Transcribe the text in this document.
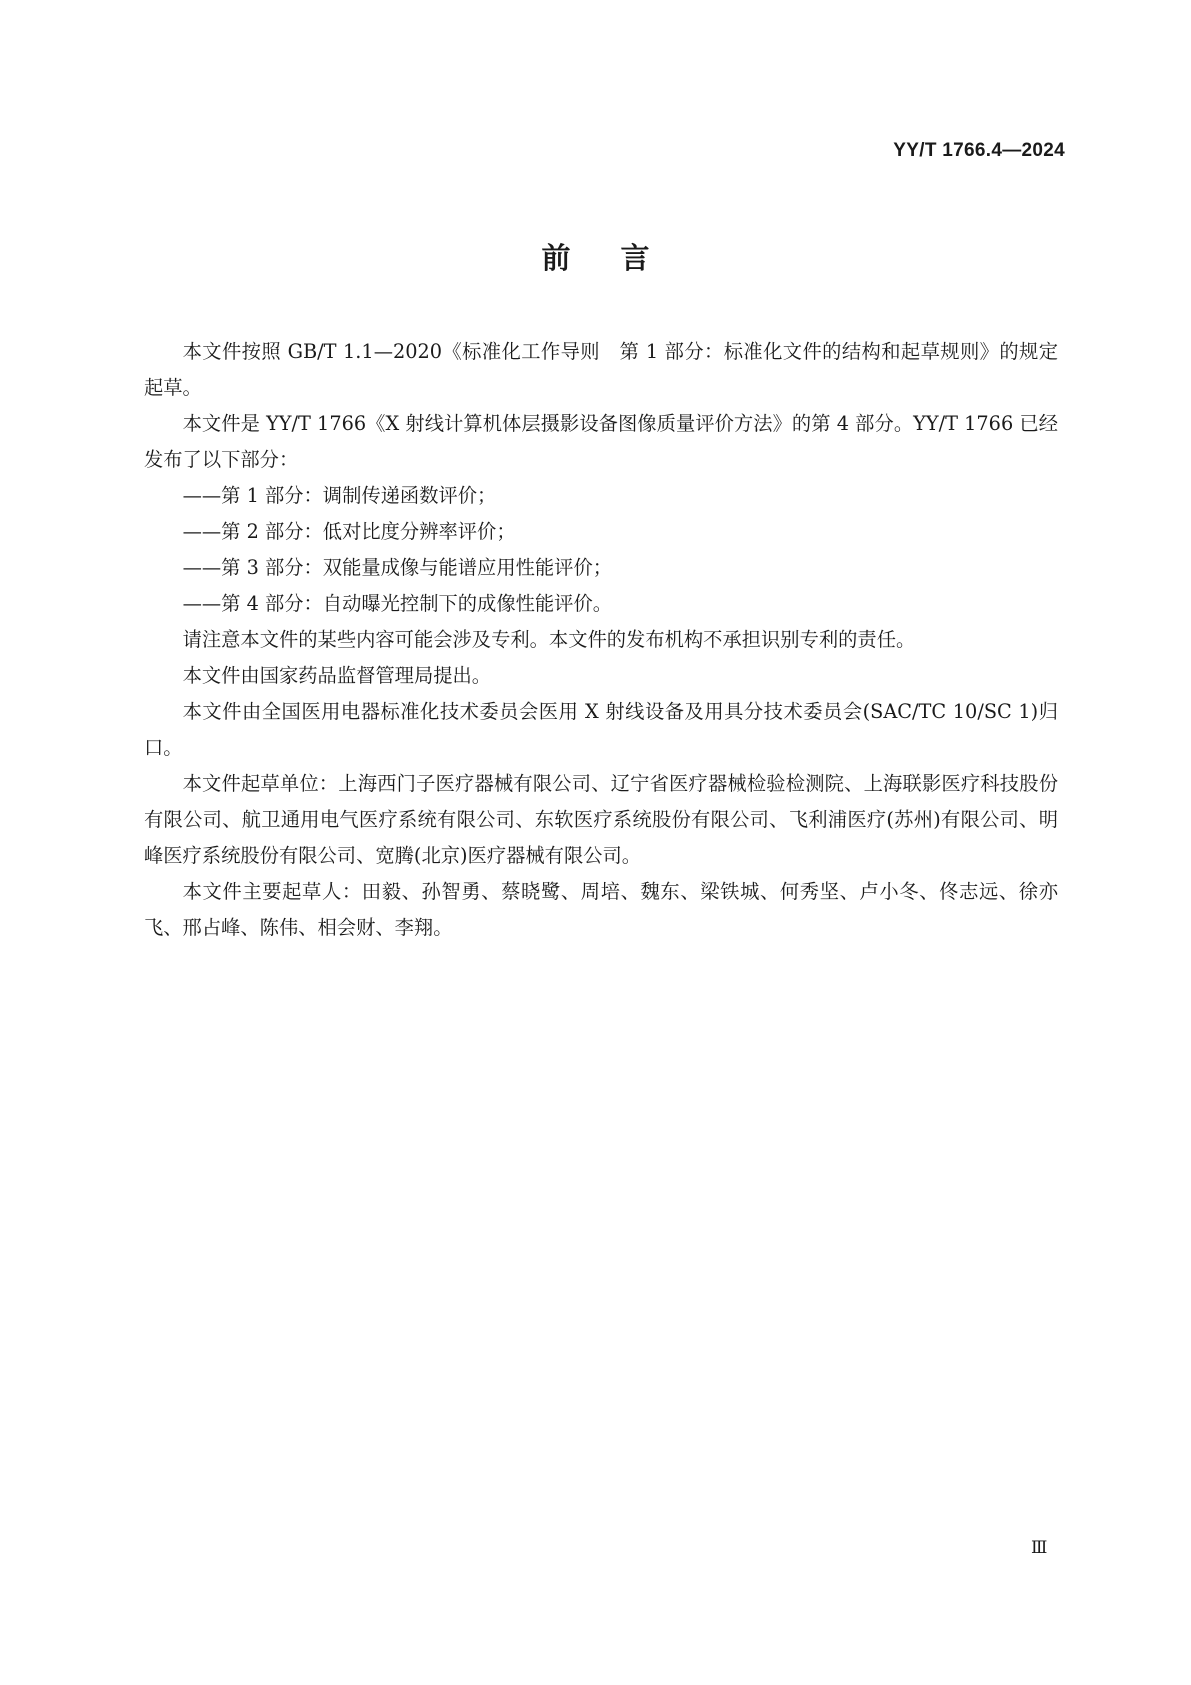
YY/T 1766.4—2024
前言

本文件按照 GB/T 1.1—2020《标准化工作导则　第 1 部分：标准化文件的结构和起草规则》的规定起草。

本文件是 YY/T 1766《X 射线计算机体层摄影设备图像质量评价方法》的第 4 部分。YY/T 1766 已经发布了以下部分：

——第 1 部分：调制传递函数评价；

——第 2 部分：低对比度分辨率评价；

——第 3 部分：双能量成像与能谱应用性能评价；

——第 4 部分：自动曝光控制下的成像性能评价。

请注意本文件的某些内容可能会涉及专利。本文件的发布机构不承担识别专利的责任。

本文件由国家药品监督管理局提出。

本文件由全国医用电器标准化技术委员会医用 X 射线设备及用具分技术委员会(SAC/TC 10/SC 1)归口。

本文件起草单位：上海西门子医疗器械有限公司、辽宁省医疗器械检验检测院、上海联影医疗科技股份有限公司、航卫通用电气医疗系统有限公司、东软医疗系统股份有限公司、飞利浦医疗(苏州)有限公司、明峰医疗系统股份有限公司、宽腾(北京)医疗器械有限公司。

本文件主要起草人：田毅、孙智勇、蔡晓鹭、周培、魏东、梁铁城、何秀坚、卢小冬、佟志远、徐亦飞、邢占峰、陈伟、相会财、李翔。

Ⅲ
